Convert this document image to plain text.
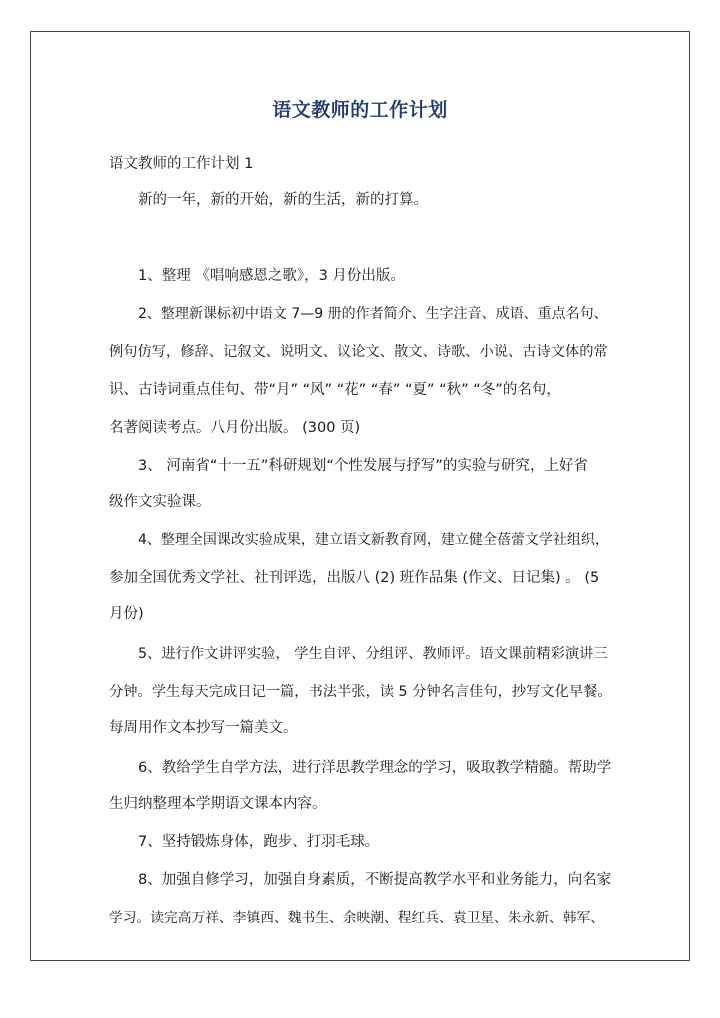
语文教师的工作计划
语文教师的工作计划 1
新的一年，新的开始，新的生活，新的打算。
1、整理 《唱响感恩之歌》，3 月份出版。
2、整理新课标初中语文 7—9 册的作者简介、生字注音、成语、重点名句、
例句仿写，修辞、记叙文、说明文、议论文、散文、诗歌、小说、古诗文体的常
识、古诗词重点佳句、带“月” “风” “花” “春” “夏” “秋” “冬”的名句，
名著阅读考点。八月份出版。 (300 页)
3、 河南省“十一五”科研规划“个性发展与抒写”的实验与研究，上好省
级作文实验课。
4、整理全国课改实验成果，建立语文新教育网，建立健全蓓蕾文学社组织，
参加全国优秀文学社、社刊评选，出版八 (2) 班作品集 (作文、日记集) 。 (5
月份)
5、进行作文讲评实验， 学生自评、分组评、教师评。语文课前精彩演讲三
分钟。学生每天完成日记一篇，书法半张，读 5 分钟名言佳句，抄写文化早餐。
每周用作文本抄写一篇美文。
6、教给学生自学方法，进行洋思教学理念的学习，吸取教学精髓。帮助学
生归纳整理本学期语文课本内容。
7、坚持锻炼身体，跑步、打羽毛球。
8、加强自修学习，加强自身素质，不断提高教学水平和业务能力，向名家
学习。读完高万祥、李镇西、魏书生、余映潮、程红兵、袁卫星、朱永新、韩军、
